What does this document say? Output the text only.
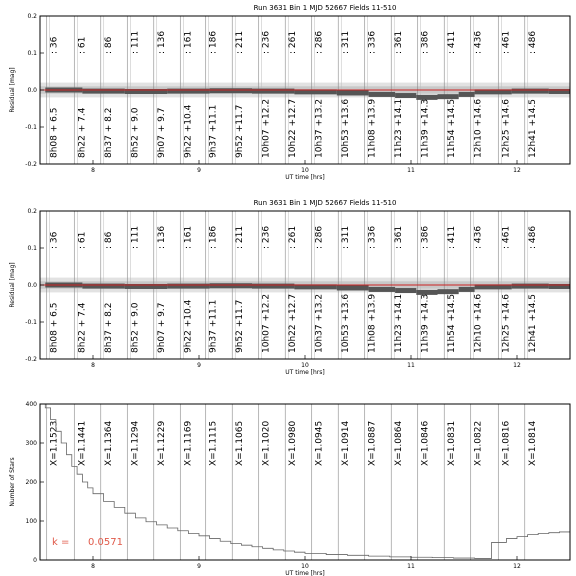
Run 3631 Bin 1 MJD 52667 Fields 11-510
: 36 : 61 : 86 : 111 : 136 : 161 : 186 : 211 : 236 : 261 : 286 : 311 : 336 : 361 : 386 : 411 : 436 : 461 : 486
8h08 + 6.5 8h22 + 7.4 8h37 + 8.2 8h52 + 9.0 9h07 + 9.7 9h22 +10.4 9h37 +11.1 9h52 +11.7 10h07 +12.2 10h22 +12.7 10h37 +13.2 10h53 +13.6 11h08 +13.9 11h23 +14.1 11h39 +14.3 11h54 +14.5 12h10 +14.6 12h25 +14.6 12h41 +14.5
0.2
0.1
0.0
-0.1
-0.2
8	9	10	11	12
UT time [hrs]
Residual [mag]
Run 3631 Bin 1 MJD 52667 Fields 11-510
: 36 : 61 : 86 : 111 : 136 : 161 : 186 : 211 : 236 : 261 : 286 : 311 : 336 : 361 : 386 : 411 : 436 : 461 : 486
8h08 + 6.5 8h22 + 7.4 8h37 + 8.2 8h52 + 9.0 9h07 + 9.7 9h22 +10.4 9h37 +11.1 9h52 +11.7 10h07 +12.2 10h22 +12.7 10h37 +13.2 10h53 +13.6 11h08 +13.9 11h23 +14.1 11h39 +14.3 11h54 +14.5 12h10 +14.6 12h25 +14.6 12h41 +14.5
0.2
0.1
0.0
-0.1
-0.2
8	9	10	11	12
UT time [hrs]
Residual [mag]
X=1.1523 X=1.1441 X=1.1364 X=1.1294 X=1.1229 X=1.1169 X=1.1115 X=1.1065 X=1.1020 X=1.0980 X=1.0945 X=1.0914 X=1.0887 X=1.0864 X=1.0846 X=1.0831 X=1.0822 X=1.0816 X=1.0814
k = 0.0571
400
300
200
100
0
8	9	10	11	12
UT time [hrs]
Number of Stars
